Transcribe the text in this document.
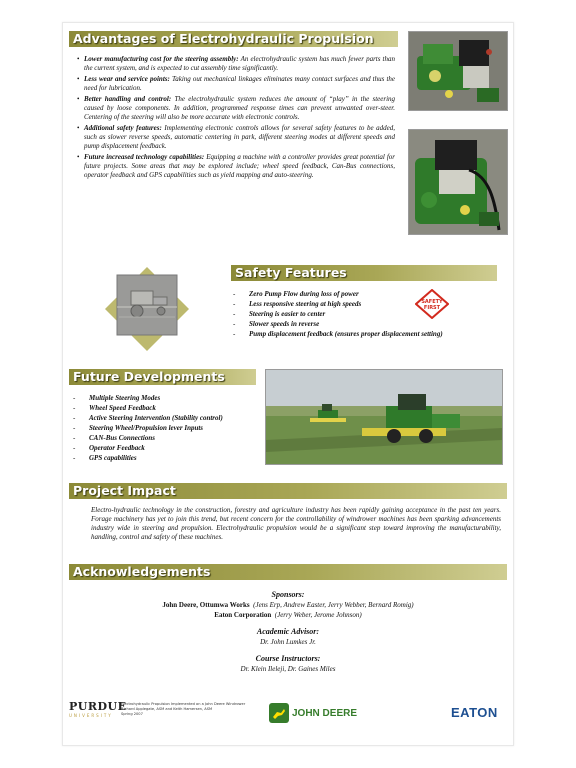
Advantages of Electrohydraulic Propulsion
• Lower manufacturing cost for the steering assembly: An electrohydraulic system has much fewer parts than the current system, and is expected to cut assembly time significantly.
• Less wear and service points: Taking out mechanical linkages eliminates many contact surfaces and thus the need for lubrication.
• Better handling and control: The electrohydraulic system reduces the amount of “play” in the steering caused by loose components. In addition, programmed response times can prevent unwanted over-steer. Centering of the steering will also be more accurate with electronic controls.
• Additional safety features: Implementing electronic controls allows for several safety features to be added, such as slower reverse speeds, automatic centering in park, different steering modes at different speeds and pump displacement feedback.
• Future increased technology capabilities: Equipping a machine with a controller provides great potential for future projects. Some areas that may be explored include; wheel speed feedback, Can-Bus connections, operator feedback and GPS capabilities such as yield mapping and auto-steering.
Safety Features
- Zero Pump Flow during loss of power
- Less responsive steering at high speeds
- Steering is easier to center
- Slower speeds in reverse
- Pump displacement feedback (ensures proper displacement setting)
SAFETY
FIRST
Future Developments
- Multiple Steering Modes
- Wheel Speed Feedback
- Active Steering Intervention (Stability control)
- Steering Wheel/Propulsion lever Inputs
- CAN-Bus Connections
- Operator Feedback
- GPS capabilities
Project Impact
Electro-hydraulic technology in the construction, forestry and agriculture industry has been rapidly gaining acceptance in the past ten years. Forage machinery has yet to join this trend, but recent concern for the controllability of windrower machines has been sparking advancements industry wide in steering and propulsion. Electrohydraulic propulsion would be a significant step toward improving the manufacturability, handling, control and safety of these machines.
Acknowledgements
Sponsors:
John Deere, Ottumwa Works (Jens Erp, Andrew Easter, Jerry Webber, Bernard Romig)
Eaton Corporation (Jerry Weber, Jerome Johnson)
Academic Advisor:
Dr. John Lumkes Jr.
Course Instructors:
Dr. Klein Ileleji, Dr. Gaines Miles
PURDUE
UNIVERSITY
Electrohydraulic Propulsion Implemented on a John Deere Windrower
Richard Applegate, ASM and Keith Hamersen, ASM
Spring 2007	JOHN DEERE	EATON
